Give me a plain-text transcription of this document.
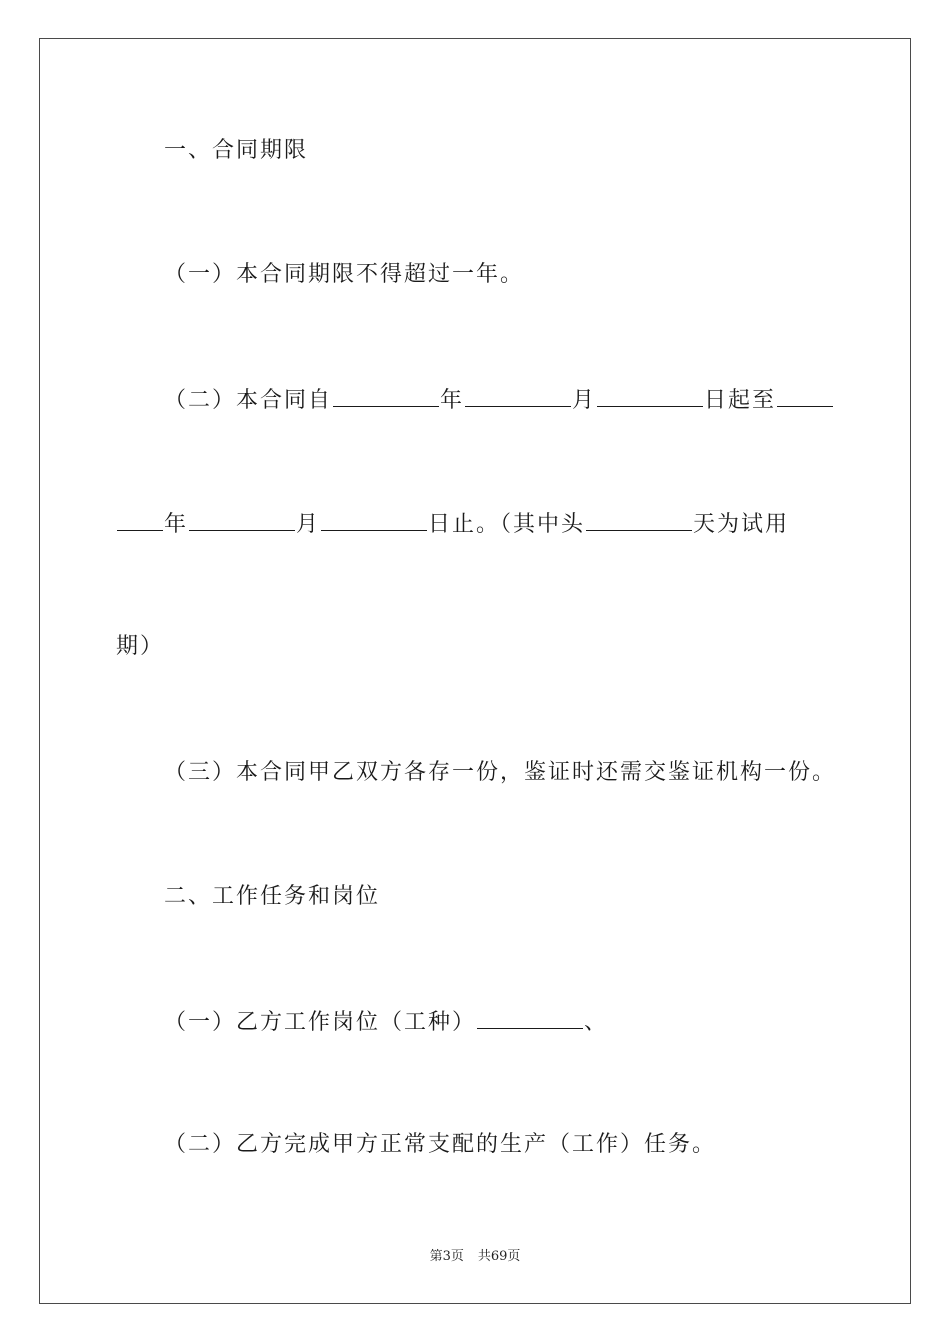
一、合同期限
（一）本合同期限不得超过一年。
（二）本合同自	年	月	日起至
年	月	日止。（其中头	天为试用
期）
（三）本合同甲乙双方各存一份，鉴证时还需交鉴证机构一份。
二、工作任务和岗位
（一）乙方工作岗位（工种）	、
（二）乙方完成甲方正常支配的生产（工作）任务。
第3页 共69页
